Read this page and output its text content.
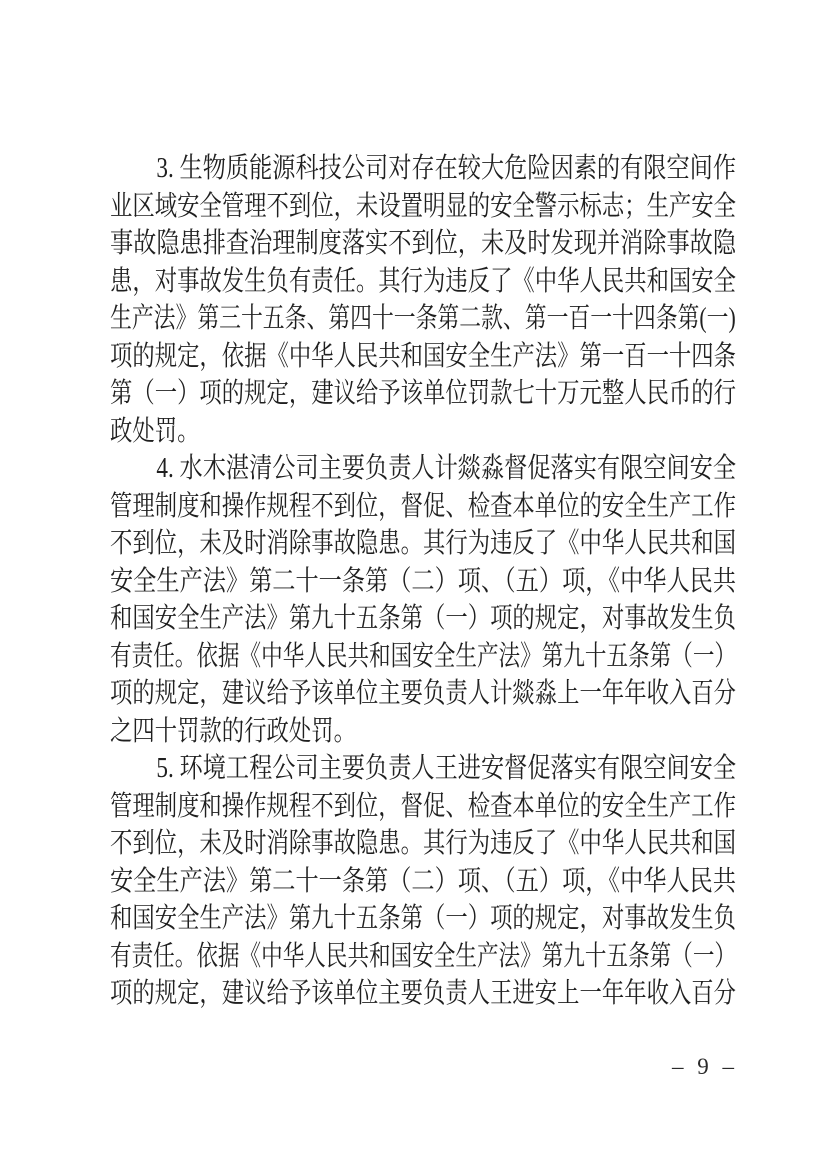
3. 生物质能源科技公司对存在较大危险因素的有限空间作
业区域安全管理不到位，未设置明显的安全警示标志；生产安全
事故隐患排查治理制度落实不到位，未及时发现并消除事故隐
患，对事故发生负有责任。其行为违反了《中华人民共和国安全
生产法》第三十五条、第四十一条第二款、第一百一十四条第(一)
项的规定，依据《中华人民共和国安全生产法》第一百一十四条
第（一）项的规定，建议给予该单位罚款七十万元整人民币的行
政处罚。
4. 水木湛清公司主要负责人计燚淼督促落实有限空间安全
管理制度和操作规程不到位，督促、检查本单位的安全生产工作
不到位，未及时消除事故隐患。其行为违反了《中华人民共和国
安全生产法》第二十一条第（二）项、（五）项，《中华人民共
和国安全生产法》第九十五条第（一）项的规定，对事故发生负
有责任。依据《中华人民共和国安全生产法》第九十五条第（一）
项的规定，建议给予该单位主要负责人计燚淼上一年年收入百分
之四十罚款的行政处罚。
5. 环境工程公司主要负责人王进安督促落实有限空间安全
管理制度和操作规程不到位，督促、检查本单位的安全生产工作
不到位，未及时消除事故隐患。其行为违反了《中华人民共和国
安全生产法》第二十一条第（二）项、（五）项，《中华人民共
和国安全生产法》第九十五条第（一）项的规定，对事故发生负
有责任。依据《中华人民共和国安全生产法》第九十五条第（一）
项的规定，建议给予该单位主要负责人王进安上一年年收入百分
– 9 –
